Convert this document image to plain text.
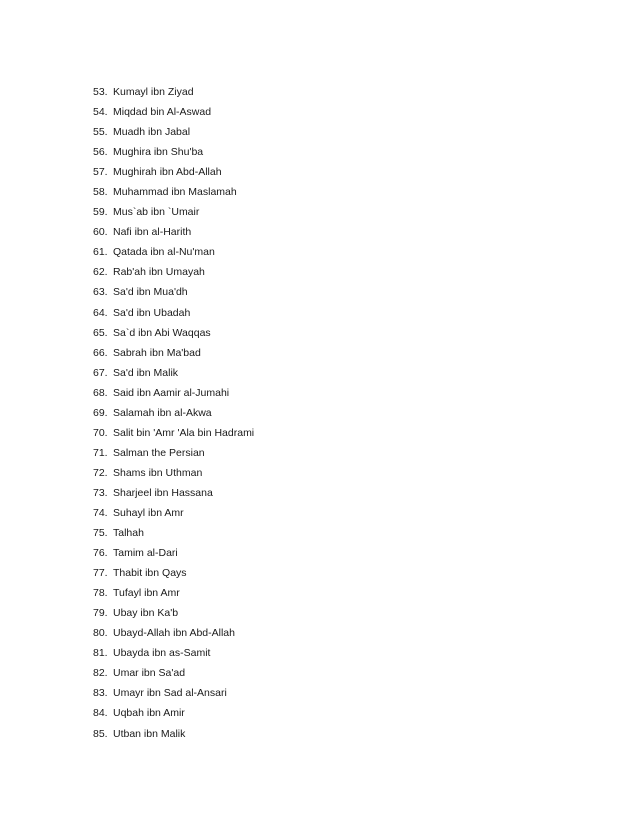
53. Kumayl ibn Ziyad
54. Miqdad bin Al-Aswad
55. Muadh ibn Jabal
56. Mughira ibn Shu'ba
57. Mughirah ibn Abd-Allah
58. Muhammad ibn Maslamah
59. Mus`ab ibn `Umair
60. Nafi ibn al-Harith
61. Qatada ibn al-Nu'man
62. Rab'ah ibn Umayah
63. Sa'd ibn Mua'dh
64. Sa'd ibn Ubadah
65. Sa`d ibn Abi Waqqas
66. Sabrah ibn Ma'bad
67. Sa'd ibn Malik
68. Said ibn Aamir al-Jumahi
69. Salamah ibn al-Akwa
70. Salit bin 'Amr 'Ala bin Hadrami
71. Salman the Persian
72. Shams ibn Uthman
73. Sharjeel ibn Hassana
74. Suhayl ibn Amr
75. Talhah
76. Tamim al-Dari
77. Thabit ibn Qays
78. Tufayl ibn Amr
79. Ubay ibn Ka'b
80. Ubayd-Allah ibn Abd-Allah
81. Ubayda ibn as-Samit
82. Umar ibn Sa'ad
83. Umayr ibn Sad al-Ansari
84. Uqbah ibn Amir
85. Utban ibn Malik
